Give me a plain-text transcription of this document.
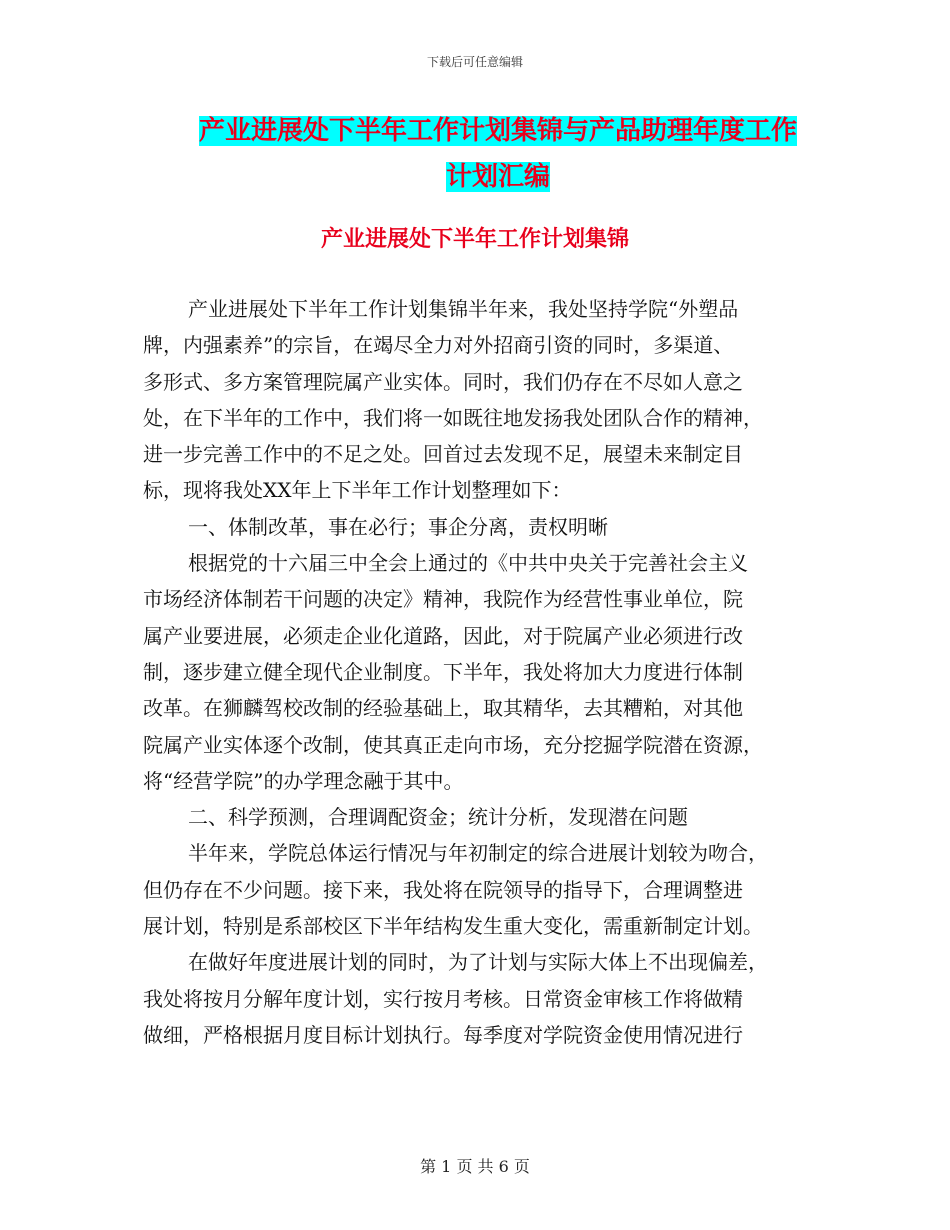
下载后可任意编辑
产业进展处下半年工作计划集锦与产品助理年度工作
计划汇编
产业进展处下半年工作计划集锦
产业进展处下半年工作计划集锦半年来，我处坚持学院“外塑品
牌，内强素养”的宗旨，在竭尽全力对外招商引资的同时，多渠道、
多形式、多方案管理院属产业实体。同时，我们仍存在不尽如人意之
处，在下半年的工作中，我们将一如既往地发扬我处团队合作的精神，
进一步完善工作中的不足之处。回首过去发现不足，展望未来制定目
标，现将我处XX年上下半年工作计划整理如下：
一、体制改革，事在必行；事企分离，责权明晰
根据党的十六届三中全会上通过的《中共中央关于完善社会主义
市场经济体制若干问题的决定》精神，我院作为经营性事业单位，院
属产业要进展，必须走企业化道路，因此，对于院属产业必须进行改
制，逐步建立健全现代企业制度。下半年，我处将加大力度进行体制
改革。在狮麟驾校改制的经验基础上，取其精华，去其糟粕，对其他
院属产业实体逐个改制，使其真正走向市场，充分挖掘学院潜在资源，
将“经营学院”的办学理念融于其中。
二、科学预测，合理调配资金；统计分析，发现潜在问题
半年来，学院总体运行情况与年初制定的综合进展计划较为吻合，
但仍存在不少问题。接下来，我处将在院领导的指导下，合理调整进
展计划，特别是系部校区下半年结构发生重大变化，需重新制定计划。
在做好年度进展计划的同时，为了计划与实际大体上不出现偏差，
我处将按月分解年度计划，实行按月考核。日常资金审核工作将做精
做细，严格根据月度目标计划执行。每季度对学院资金使用情况进行
第 1 页 共 6 页
